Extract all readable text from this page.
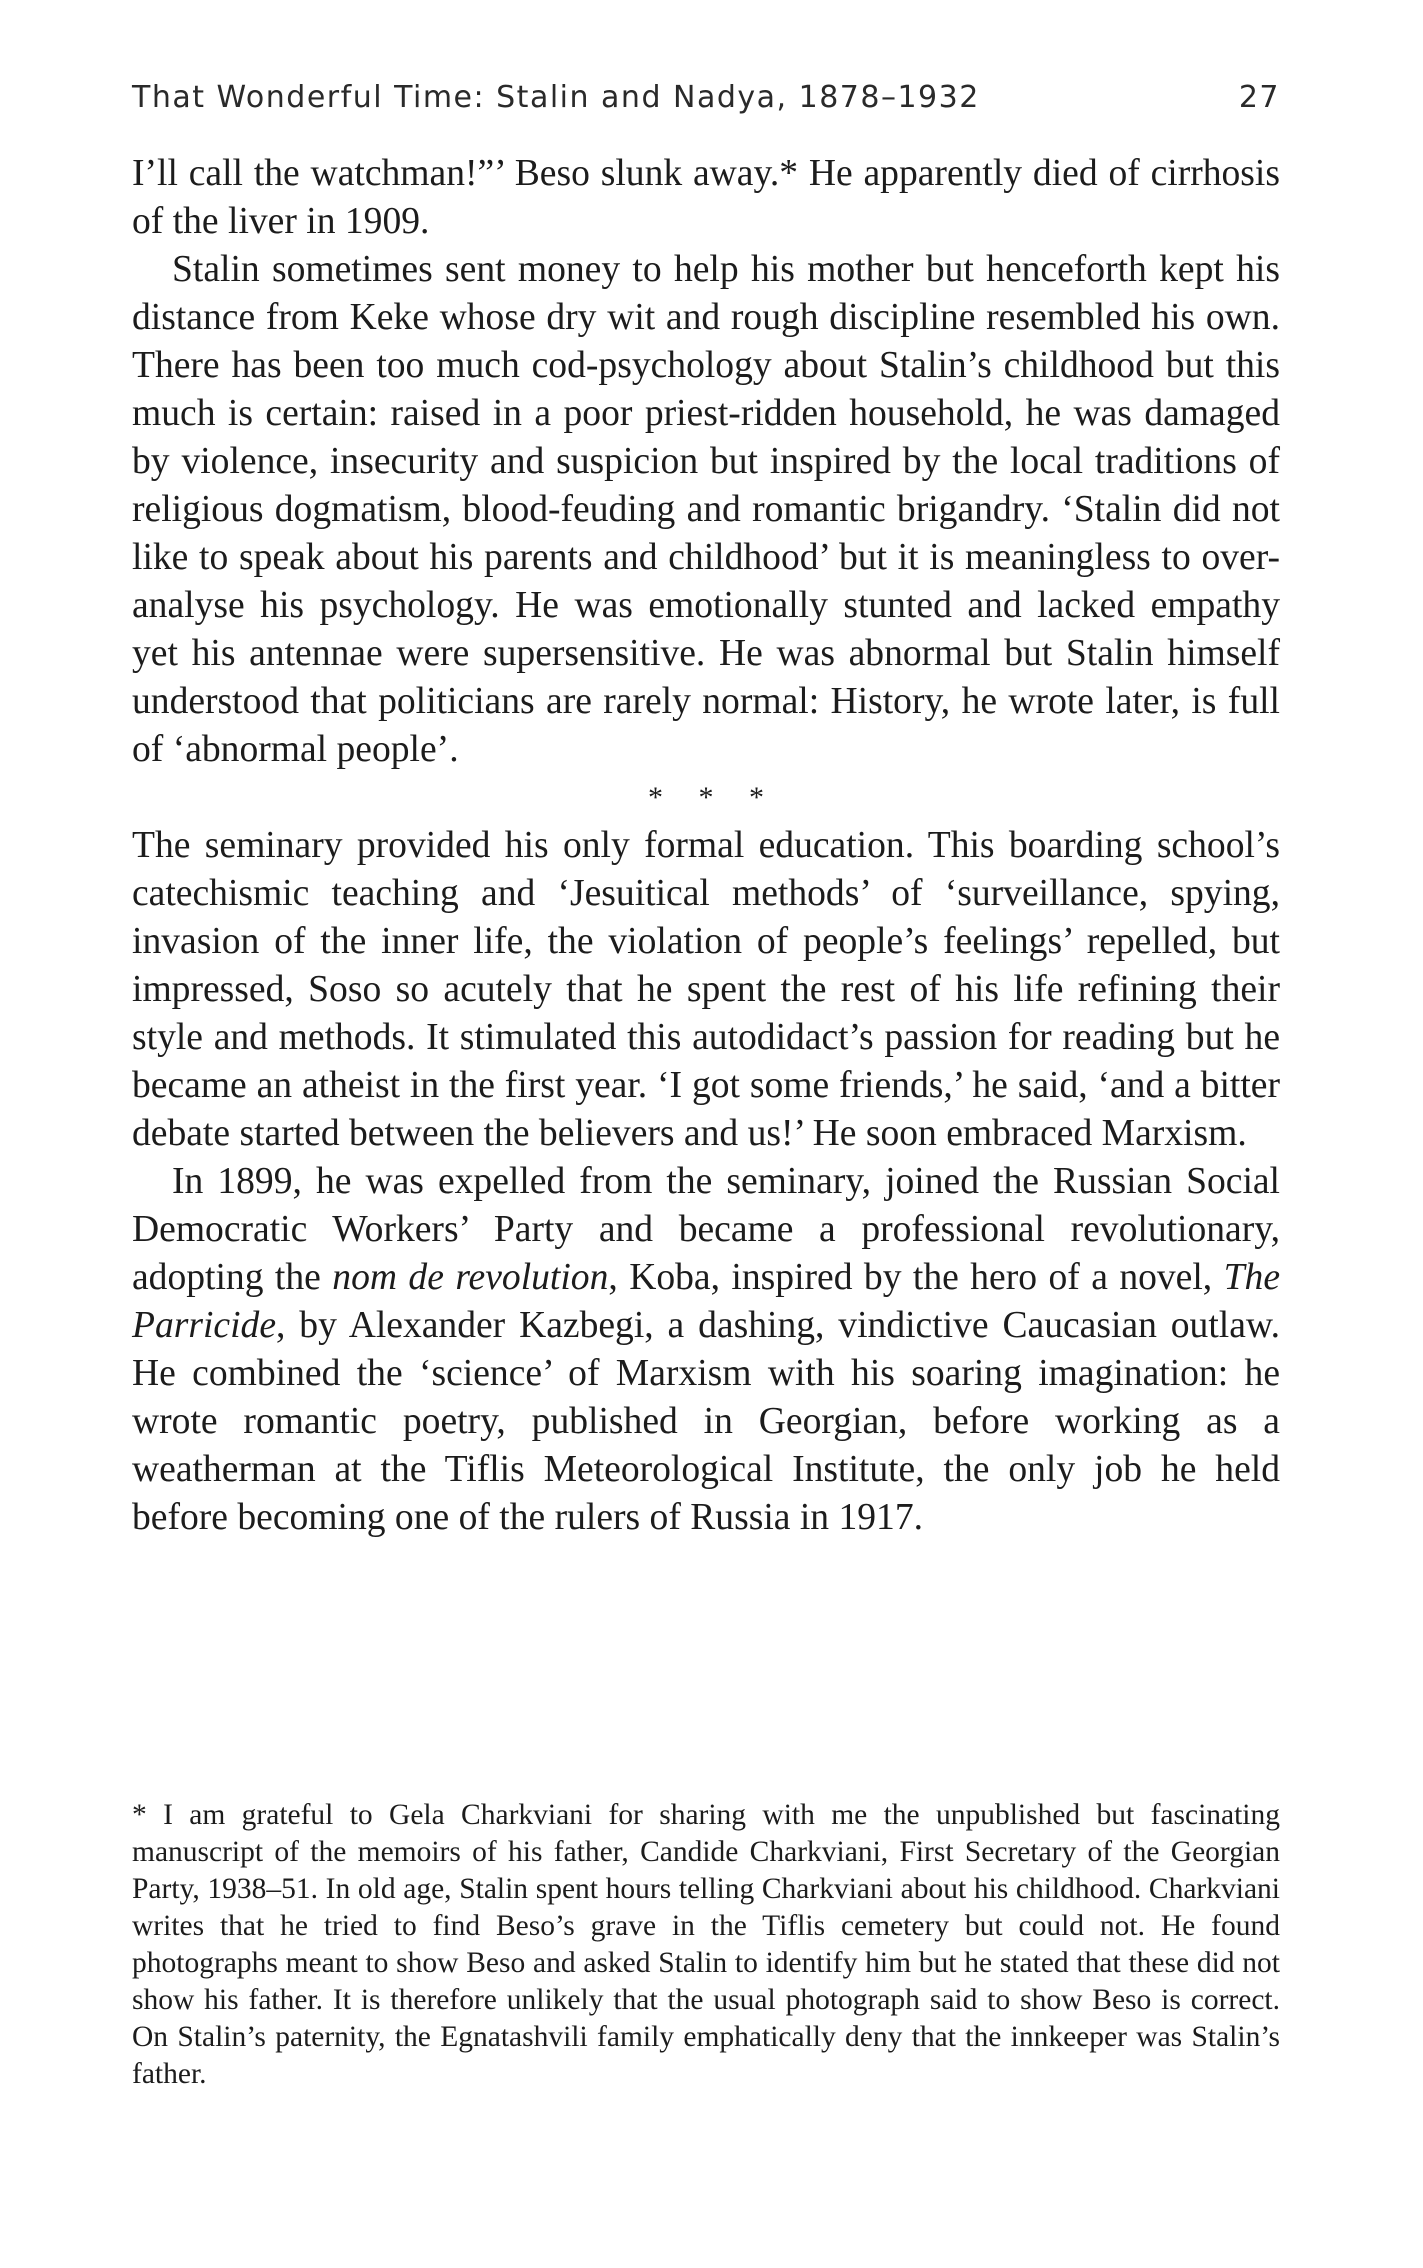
That Wonderful Time: Stalin and Nadya, 1878–1932	27

I’ll call the watchman!”’ Beso slunk away.* He apparently died of cirrhosis of the liver in 1909.

Stalin sometimes sent money to help his mother but henceforth kept his distance from Keke whose dry wit and rough discipline resembled his own. There has been too much cod-psychology about Stalin’s childhood but this much is certain: raised in a poor priest-ridden household, he was damaged by violence, insecurity and suspicion but inspired by the local traditions of religious dogmatism, blood-feuding and romantic brigandry. ‘Stalin did not like to speak about his parents and childhood’ but it is meaningless to over-analyse his psychology. He was emotionally stunted and lacked empathy yet his antennae were supersensitive. He was abnormal but Stalin himself understood that politicians are rarely normal: History, he wrote later, is full of ‘abnormal people’.

* * *

The seminary provided his only formal education. This boarding school’s catechismic teaching and ‘Jesuitical methods’ of ‘surveillance, spying, invasion of the inner life, the violation of people’s feelings’ repelled, but impressed, Soso so acutely that he spent the rest of his life refining their style and methods. It stimulated this autodidact’s passion for reading but he became an atheist in the first year. ‘I got some friends,’ he said, ‘and a bitter debate started between the believers and us!’ He soon embraced Marxism.

In 1899, he was expelled from the seminary, joined the Russian Social Democratic Workers’ Party and became a professional revolutionary, adopting the nom de revolution, Koba, inspired by the hero of a novel, The Parricide, by Alexander Kazbegi, a dashing, vindictive Caucasian outlaw. He combined the ‘science’ of Marxism with his soaring imagination: he wrote romantic poetry, published in Georgian, before working as a weatherman at the Tiflis Meteorological Institute, the only job he held before becoming one of the rulers of Russia in 1917.

* I am grateful to Gela Charkviani for sharing with me the unpublished but fascinating manuscript of the memoirs of his father, Candide Charkviani, First Secretary of the Georgian Party, 1938–51. In old age, Stalin spent hours telling Charkviani about his childhood. Charkviani writes that he tried to find Beso’s grave in the Tiflis cemetery but could not. He found photographs meant to show Beso and asked Stalin to identify him but he stated that these did not show his father. It is therefore unlikely that the usual photograph said to show Beso is correct. On Stalin’s paternity, the Egnatashvili family emphatically deny that the innkeeper was Stalin’s father.
